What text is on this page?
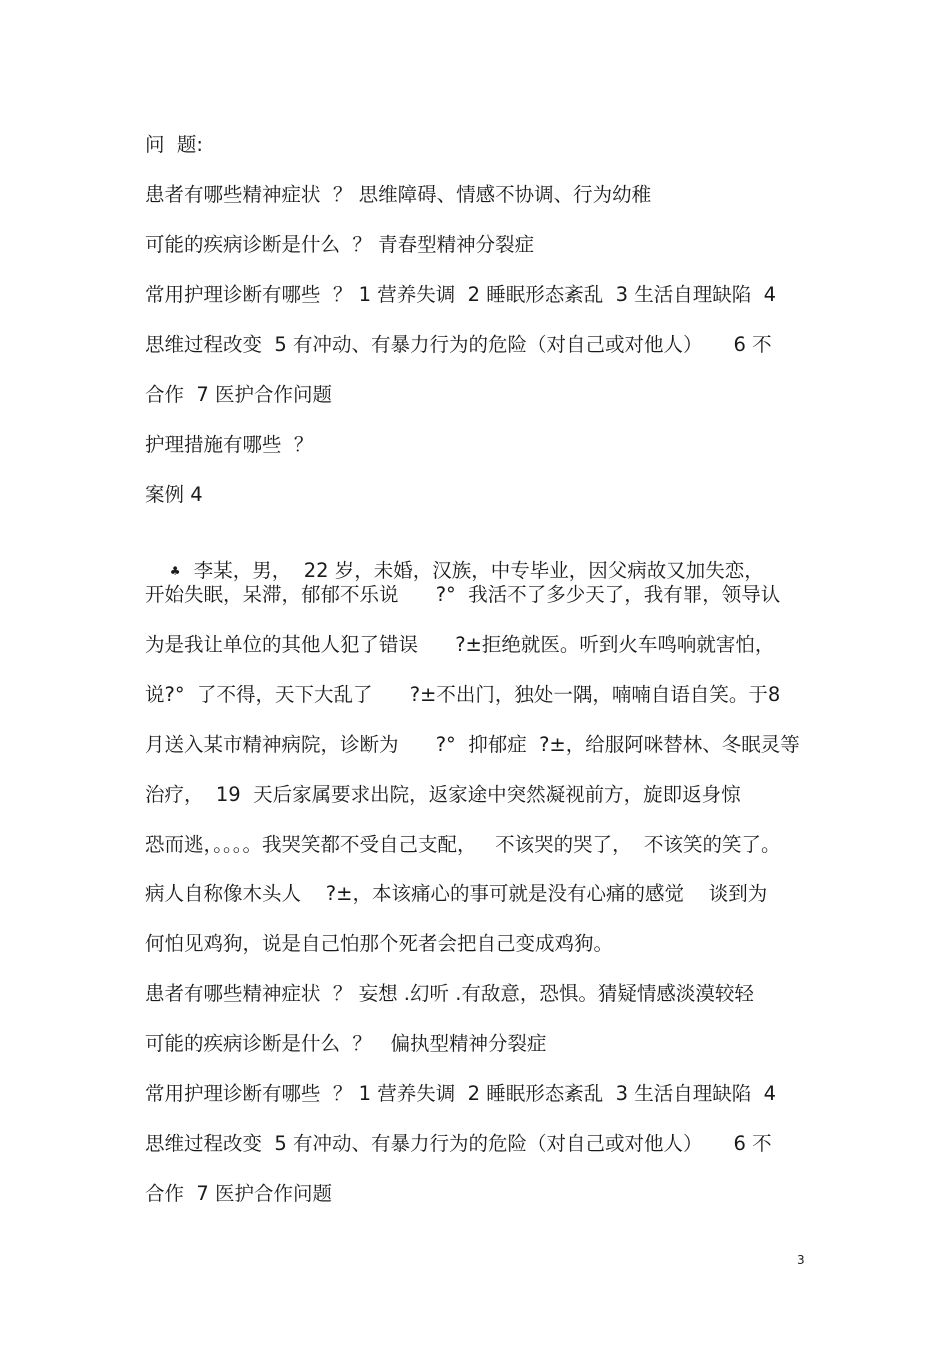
问  题:
患者有哪些精神症状  ？ 思维障碍、情感不协调、行为幼稚
可能的疾病诊断是什么  ？ 青春型精神分裂症
常用护理诊断有哪些  ？ 1 营养失调  2 睡眠形态紊乱  3 生活自理缺陷  4
思维过程改变  5 有冲动、有暴力行为的危险（对自己或对他人）     6 不
合作  7 医护合作问题
护理措施有哪些  ？
案例 4

♣ 李某，男，  22 岁，未婚，汉族，中专毕业，因父病故又加失恋，

开始失眠，呆滞，郁郁不乐说      ?°  我活不了多少天了，我有罪，领导认
为是我让单位的其他人犯了错误      ?±拒绝就医。听到火车鸣响就害怕，
说?°  了不得，天下大乱了      ?±不出门，独处一隅，喃喃自语自笑。于8
月送入某市精神病院，诊断为      ?°  抑郁症  ?±，给服阿咪替林、冬眠灵等
治疗，  19  天后家属要求出院，返家途中突然凝视前方，旋即返身惊
恐而逃，。。。。我哭笑都不受自己支配，   不该哭的哭了，  不该笑的笑了。
病人自称像木头人    ?±，本该痛心的事可就是没有心痛的感觉    谈到为
何怕见鸡狗，说是自己怕那个死者会把自己变成鸡狗。
患者有哪些精神症状  ？ 妄想 .幻听 .有敌意，恐惧。猜疑情感淡漠较轻
可能的疾病诊断是什么  ？   偏执型精神分裂症
常用护理诊断有哪些  ？ 1 营养失调  2 睡眠形态紊乱  3 生活自理缺陷  4
思维过程改变  5 有冲动、有暴力行为的危险（对自己或对他人）     6 不
合作  7 医护合作问题
3
